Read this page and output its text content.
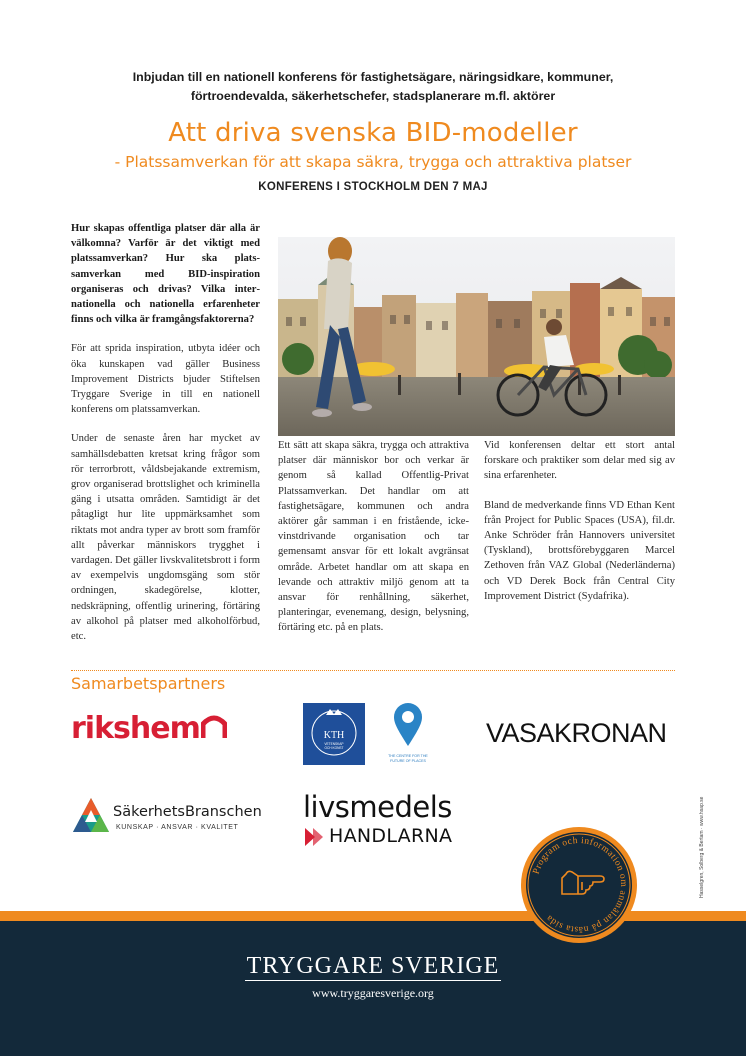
Inbjudan till en nationell konferens för fastighetsägare, näringsidkare, kommuner,
förtroendevalda, säkerhetschefer, stadsplanerare m.fl. aktörer
Att driva svenska BID-modeller
- Platssamverkan för att skapa säkra, trygga och attraktiva platser
KONFERENS I STOCKHOLM DEN 7 MAJ

Hur skapas offentliga platser där alla är välkomna? Varför är det viktigt med platssamverkan? Hur ska platssamverkan med BID-inspiration organiseras och drivas? Vilka internationella och nationella erfarenheter finns och vilka är framgångsfaktorerna?

För att sprida inspiration, utbyta idéer och öka kunskapen vad gäller Business Improvement Districts bjuder Stiftelsen Tryggare Sverige in till en nationell konferens om platssamverkan.

Under de senaste åren har mycket av samhällsdebatten kretsat kring frågor som rör terrorbrott, våldsbejakande extremism, grov organiserad brottslighet och kriminella gäng i utsatta områden. Samtidigt är det påtagligt hur lite uppmärksamhet som riktats mot andra typer av brott som framför allt påverkar människors trygghet i vardagen. Det gäller livskvalitetsbrott i form av exempelvis ungdomsgäng som stör ordningen, skadegörelse, klotter, nedskräpning, offentlig urinering, förtäring av alkohol på platser med alkoholförbud, etc.

Ett sätt att skapa säkra, trygga och attraktiva platser där människor bor och verkar är genom så kallad Offentlig-Privat Platssamverkan. Det handlar om att fastighetsägare, kommunen och andra aktörer går samman i en fristående, icke-vinstdrivande organisation och tar gemensamt ansvar för ett lokalt avgränsat område. Arbetet handlar om att skapa en levande och attraktiv miljö genom att ta ansvar för renhållning, säkerhet, planteringar, evenemang, design, belysning, förtäring etc. på en plats.

Vid konferensen deltar ett stort antal forskare och praktiker som delar med sig av sina erfarenheter.

Bland de medverkande finns VD Ethan Kent från Project for Public Spaces (USA), fil.dr. Anke Schröder från Hannovers universitet (Tyskland), brottsförebyggaren Marcel Zethoven från VAZ Global (Nederländerna) och VD Derek Bock från Central City Improvement District (Sydafrika).

Samarbetspartners
rikshem	KTH
VETENSKAP
OCH KONST
THE CENTRE FOR THE
FUTURE OF PLACES
VASAKRONAN
SäkerhetsBranschen
KUNSKAP · ANSVAR · KVALITET
livsmedels
HANDLARNA	Hasselgren, Solberg & Bertam · www.hsap.se
TRYGGARE SVERIGE
www.tryggaresverige.org
Program och information om anmälan på nästa sida
